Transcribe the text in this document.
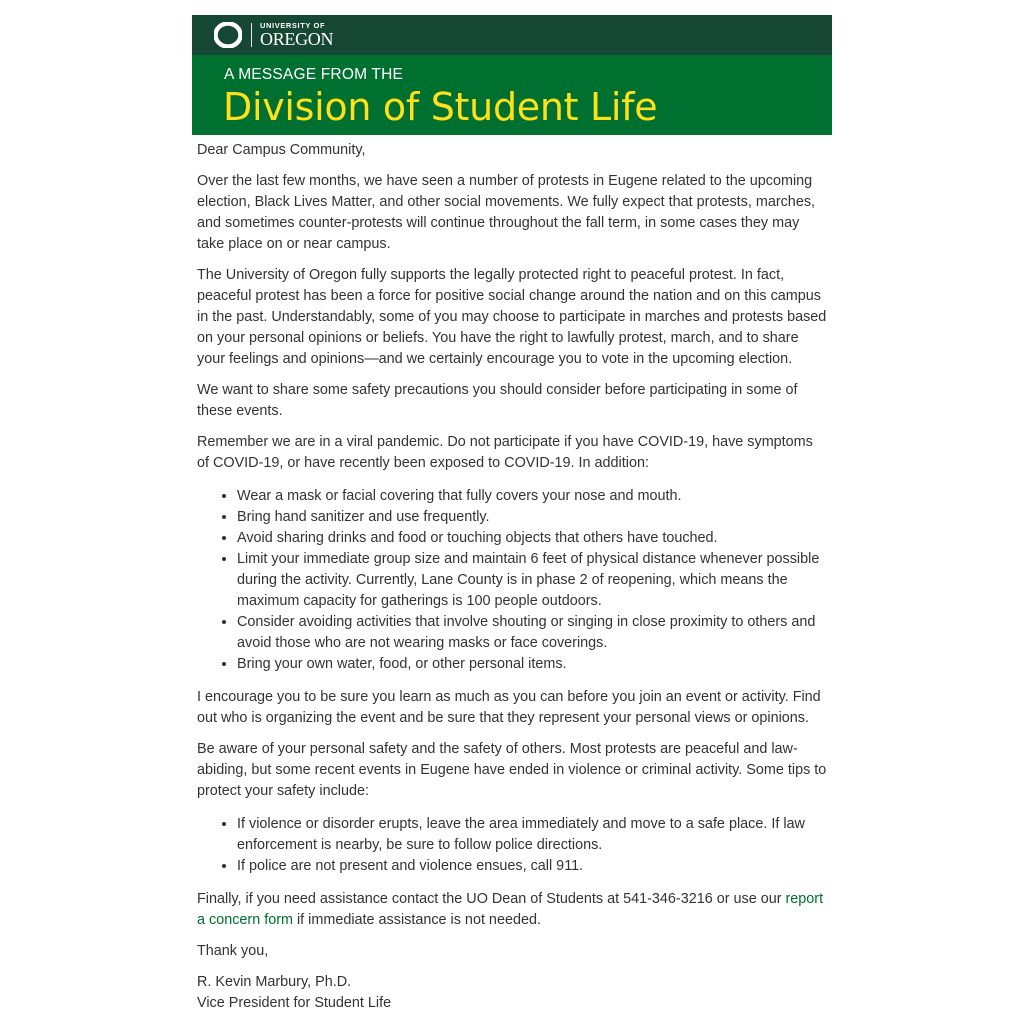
UNIVERSITY OF
OREGON
A MESSAGE FROM THE
Division of Student Life

Dear Campus Community,

Over the last few months, we have seen a number of protests in Eugene related to the upcoming election, Black Lives Matter, and other social movements. We fully expect that protests, marches, and sometimes counter-protests will continue throughout the fall term, in some cases they may take place on or near campus.

The University of Oregon fully supports the legally protected right to peaceful protest. In fact, peaceful protest has been a force for positive social change around the nation and on this campus in the past. Understandably, some of you may choose to participate in marches and protests based on your personal opinions or beliefs. You have the right to lawfully protest, march, and to share your feelings and opinions—and we certainly encourage you to vote in the upcoming election.

We want to share some safety precautions you should consider before participating in some of these events.

Remember we are in a viral pandemic. Do not participate if you have COVID-19, have symptoms of COVID-19, or have recently been exposed to COVID-19. In addition:

• Wear a mask or facial covering that fully covers your nose and mouth.
• Bring hand sanitizer and use frequently.
• Avoid sharing drinks and food or touching objects that others have touched.
• Limit your immediate group size and maintain 6 feet of physical distance whenever possible during the activity. Currently, Lane County is in phase 2 of reopening, which means the maximum capacity for gatherings is 100 people outdoors.
• Consider avoiding activities that involve shouting or singing in close proximity to others and avoid those who are not wearing masks or face coverings.
• Bring your own water, food, or other personal items.

I encourage you to be sure you learn as much as you can before you join an event or activity. Find out who is organizing the event and be sure that they represent your personal views or opinions.

Be aware of your personal safety and the safety of others. Most protests are peaceful and law-abiding, but some recent events in Eugene have ended in violence or criminal activity. Some tips to protect your safety include:

• If violence or disorder erupts, leave the area immediately and move to a safe place. If law enforcement is nearby, be sure to follow police directions.
• If police are not present and violence ensues, call 911.

Finally, if you need assistance contact the UO Dean of Students at 541-346-3216 or use our report a concern form if immediate assistance is not needed.

Thank you,

R. Kevin Marbury, Ph.D.

Vice President for Student Life
